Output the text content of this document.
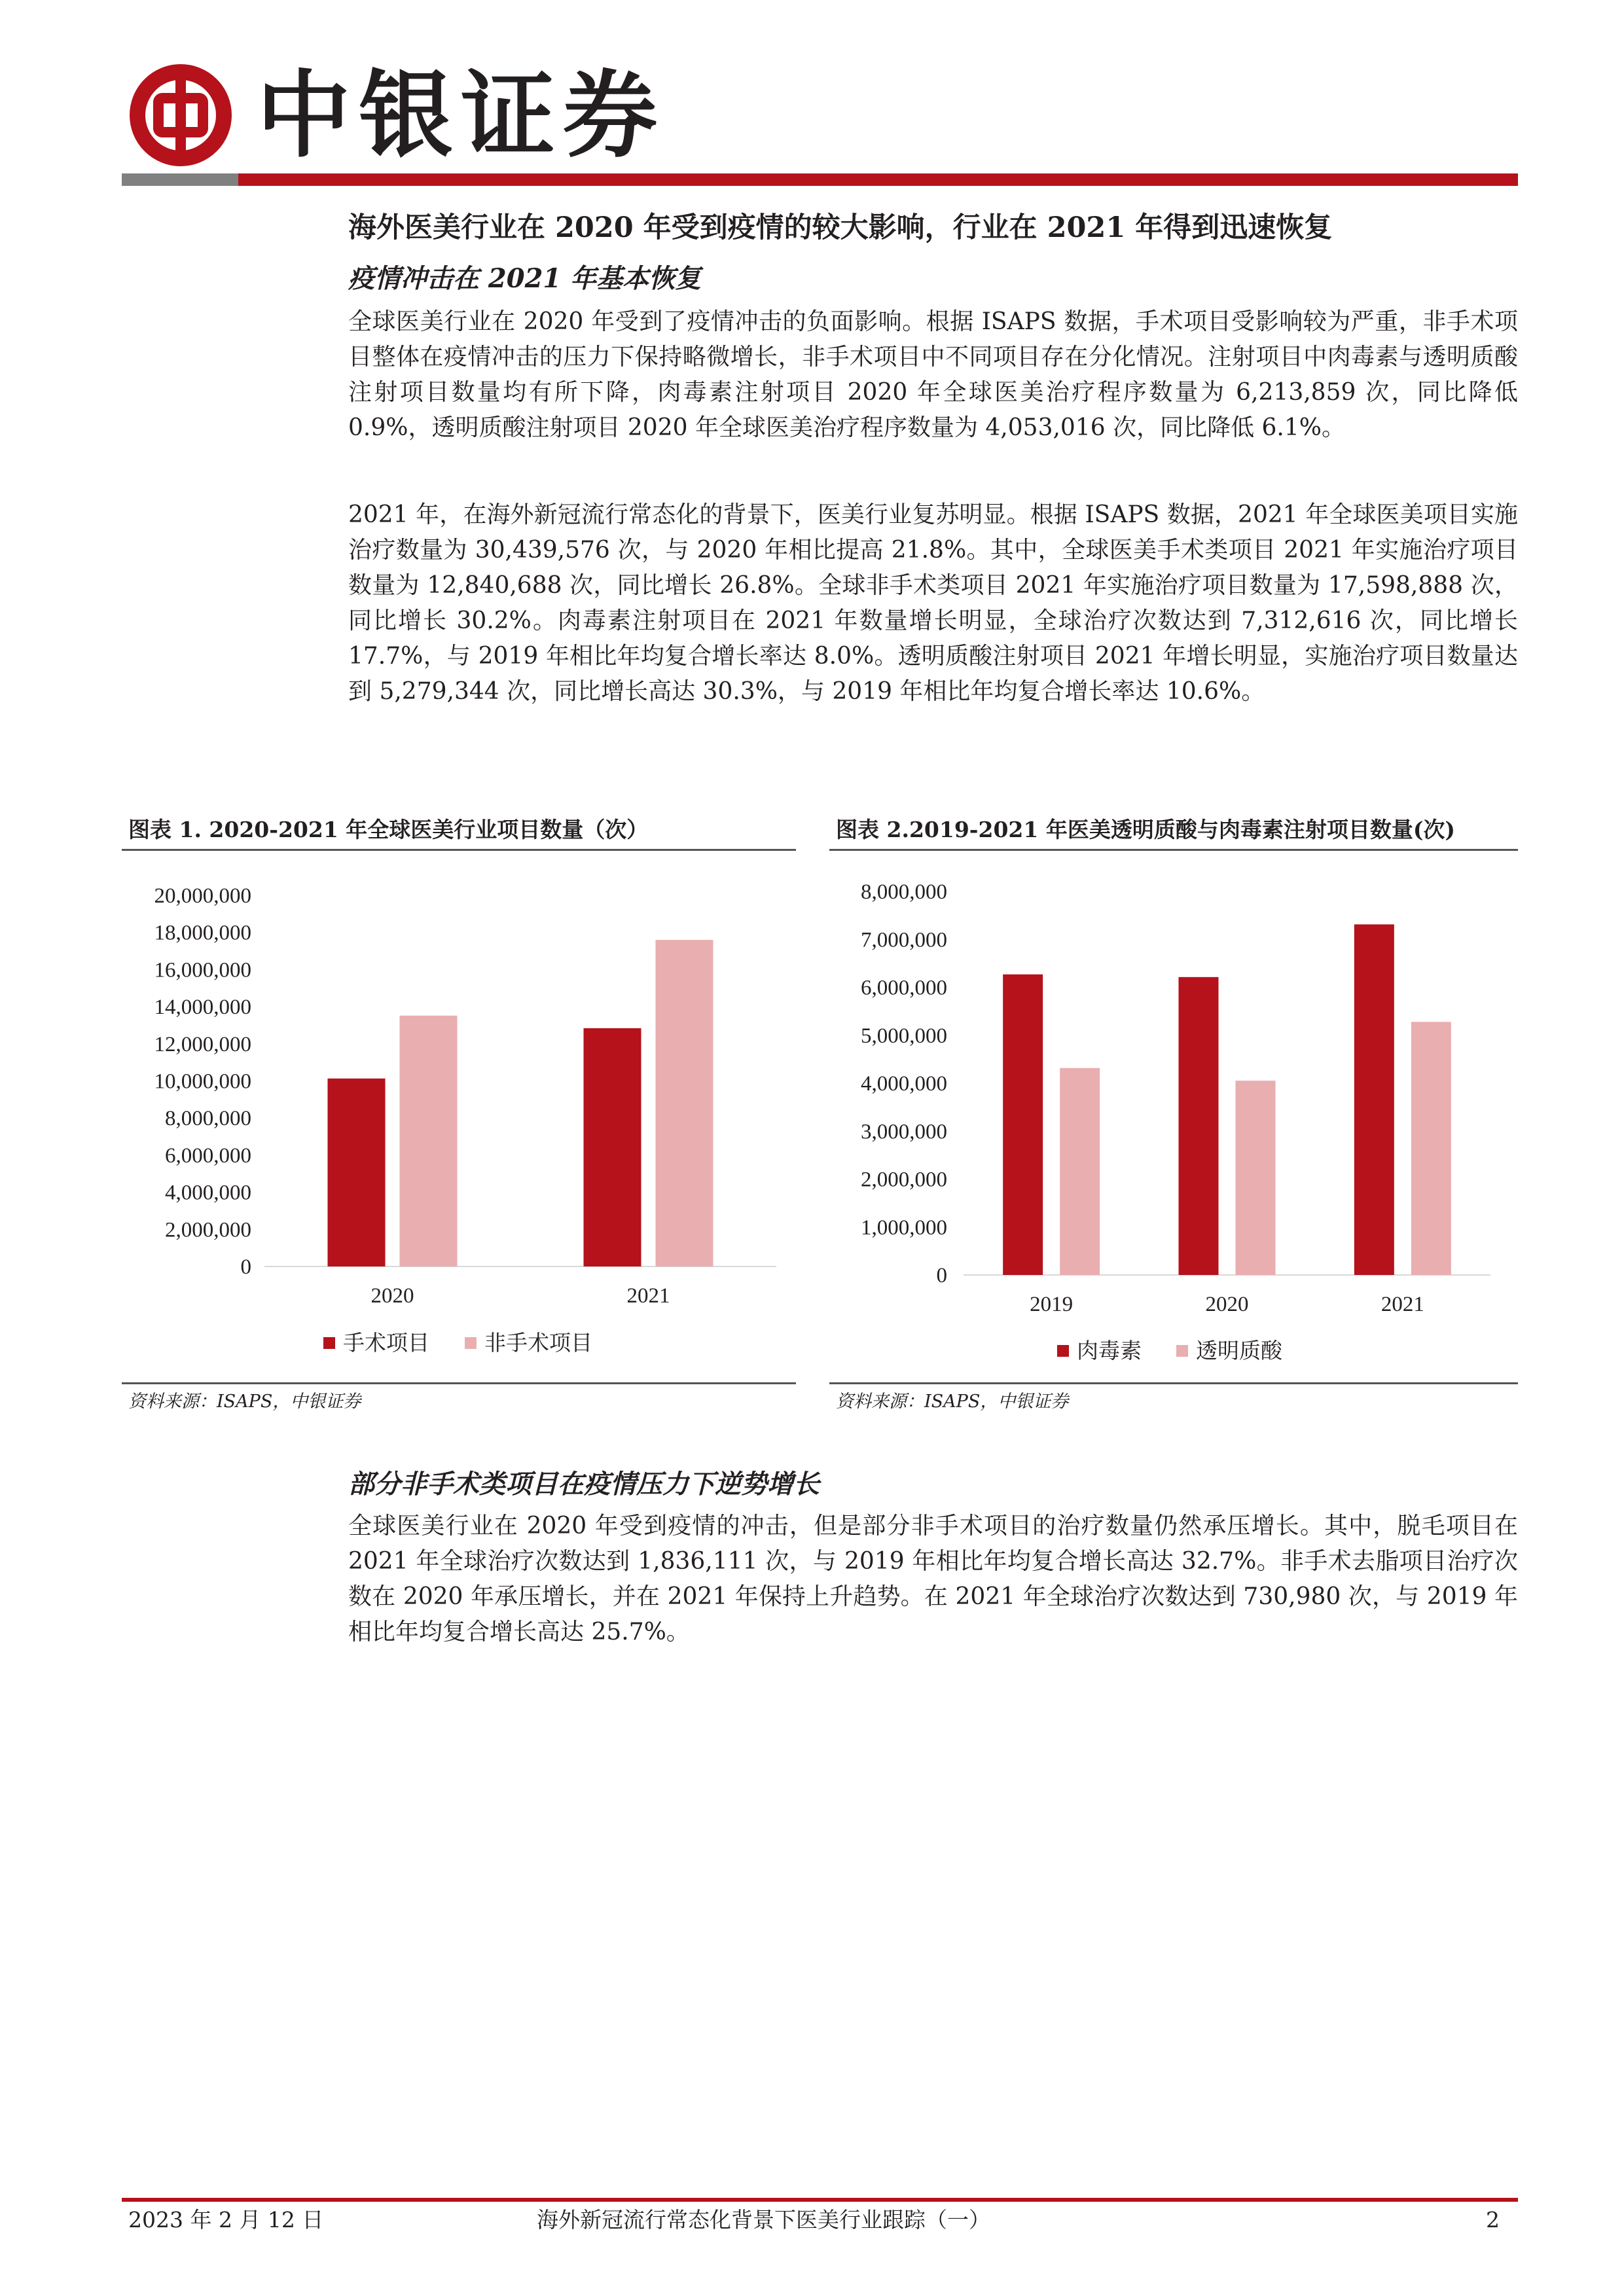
中银证券
海外医美行业在 2020 年受到疫情的较大影响，行业在 2021 年得到迅速恢复
疫情冲击在 2021 年基本恢复
全球医美行业在 2020 年受到了疫情冲击的负面影响。根据 ISAPS 数据，手术项目受影响较为严重，非手术项目整体在疫情冲击的压力下保持略微增长，非手术项目中不同项目存在分化情况。注射项目中肉毒素与透明质酸注射项目数量均有所下降，肉毒素注射项目 2020 年全球医美治疗程序数量为 6,213,859 次，同比降低 0.9%，透明质酸注射项目 2020 年全球医美治疗程序数量为 4,053,016 次，同比降低 6.1%。
2021 年，在海外新冠流行常态化的背景下，医美行业复苏明显。根据 ISAPS 数据，2021 年全球医美项目实施治疗数量为 30,439,576 次，与 2020 年相比提高 21.8%。其中，全球医美手术类项目 2021 年实施治疗项目数量为 12,840,688 次，同比增长 26.8%。全球非手术类项目 2021 年实施治疗项目数量为 17,598,888 次，同比增长 30.2%。肉毒素注射项目在 2021 年数量增长明显，全球治疗次数达到 7,312,616 次，同比增长 17.7%，与 2019 年相比年均复合增长率达 8.0%。透明质酸注射项目 2021 年增长明显，实施治疗项目数量达到 5,279,344 次，同比增长高达 30.3%，与 2019 年相比年均复合增长率达 10.6%。
图表 1. 2020-2021 年全球医美行业项目数量（次）
0
2,000,000
4,000,000
6,000,000
8,000,000
10,000,000
12,000,000
14,000,000
16,000,000
18,000,000
20,000,000
2020	2021
手术项目	非手术项目
资料来源：ISAPS，中银证券
图表 2.2019-2021 年医美透明质酸与肉毒素注射项目数量(次)
0
1,000,000
2,000,000
3,000,000
4,000,000
5,000,000
6,000,000
7,000,000
8,000,000
2019	2020	2021
肉毒素	透明质酸
资料来源：ISAPS，中银证券
部分非手术类项目在疫情压力下逆势增长
全球医美行业在 2020 年受到疫情的冲击，但是部分非手术项目的治疗数量仍然承压增长。其中，脱毛项目在 2021 年全球治疗次数达到 1,836,111 次，与 2019 年相比年均复合增长高达 32.7%。非手术去脂项目治疗次数在 2020 年承压增长，并在 2021 年保持上升趋势。在 2021 年全球治疗次数达到 730,980 次，与 2019 年相比年均复合增长高达 25.7%。
2023 年 2 月 12 日	海外新冠流行常态化背景下医美行业跟踪（一）	2
